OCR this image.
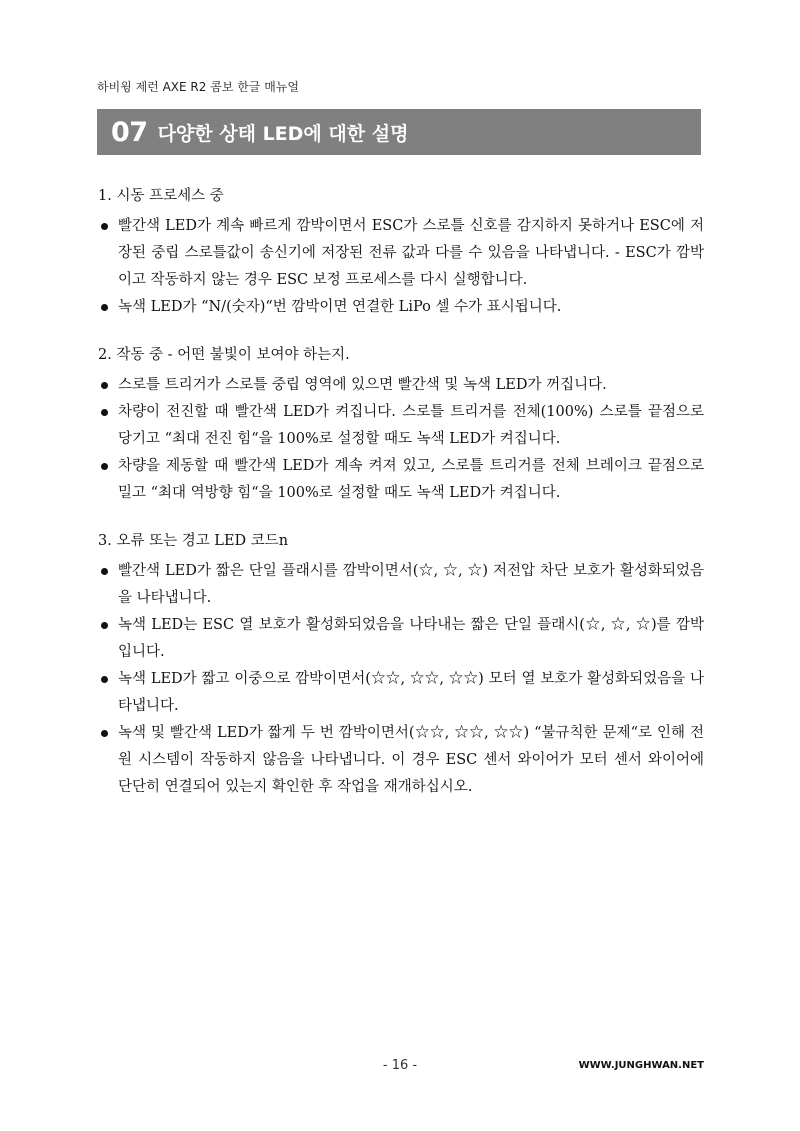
하비윙 제런 AXE R2 콤보 한글 매뉴얼
07 다양한 상태 LED에 대한 설명
1. 시동 프로세스 중
빨간색 LED가 계속 빠르게 깜박이면서 ESC가 스로틀 신호를 감지하지 못하거나 ESC에 저장된 중립 스로틀값이 송신기에 저장된 전류 값과 다를 수 있음을 나타냅니다. - ESC가 깜박이고 작동하지 않는 경우 ESC 보정 프로세스를 다시 실행합니다.
녹색 LED가 “N/(숫자)“번 깜박이면 연결한 LiPo 셀 수가 표시됩니다.
2. 작동 중 - 어떤 불빛이 보여야 하는지.
스로틀 트리거가 스로틀 중립 영역에 있으면 빨간색 및 녹색 LED가 꺼집니다.
차량이 전진할 때 빨간색 LED가 켜집니다. 스로틀 트리거를 전체(100%) 스로틀 끝점으로 당기고 “최대 전진 힘“을 100%로 설정할 때도 녹색 LED가 켜집니다.
차량을 제동할 때 빨간색 LED가 계속 켜져 있고, 스로틀 트리거를 전체 브레이크 끝점으로 밀고 “최대 역방향 힘“을 100%로 설정할 때도 녹색 LED가 켜집니다.
3. 오류 또는 경고 LED 코드n
빨간색 LED가 짧은 단일 플래시를 깜박이면서(☆, ☆, ☆) 저전압 차단 보호가 활성화되었음을 나타냅니다.
녹색 LED는 ESC 열 보호가 활성화되었음을 나타내는 짧은 단일 플래시(☆, ☆, ☆)를 깜박입니다.
녹색 LED가 짧고 이중으로 깜박이면서(☆☆, ☆☆, ☆☆) 모터 열 보호가 활성화되었음을 나타냅니다.
녹색 및 빨간색 LED가 짧게 두 번 깜박이면서(☆☆, ☆☆, ☆☆) “불규칙한 문제“로 인해 전원 시스템이 작동하지 않음을 나타냅니다. 이 경우 ESC 센서 와이어가 모터 센서 와이어에 단단히 연결되어 있는지 확인한 후 작업을 재개하십시오.
- 16 -	WWW.JUNGHWAN.NET
